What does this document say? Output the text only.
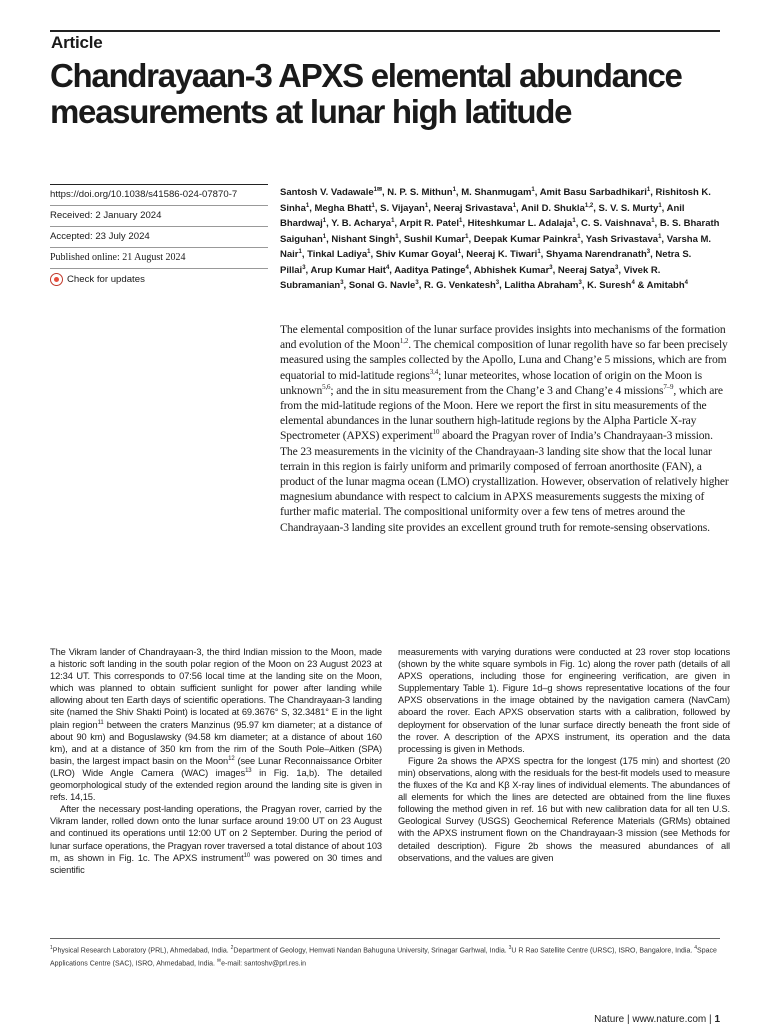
Article
Chandrayaan-3 APXS elemental abundance measurements at lunar high latitude
https://doi.org/10.1038/s41586-024-07870-7
Received: 2 January 2024
Accepted: 23 July 2024
Published online: 21 August 2024
Check for updates

Santosh V. Vadawale$^{1✉}$, N. P. S. Mithun$^1$, M. Shanmugam$^1$, Amit Basu Sarbadhikari$^1$, Rishitosh K. Sinha$^1$, Megha Bhatt$^1$, S. Vijayan$^1$, Neeraj Srivastava$^1$, Anil D. Shukla$^{1,2}$, S. V. S. Murty$^1$, Anil Bhardwaj$^1$, Y. B. Acharya$^1$, Arpit R. Patel$^1$, Hiteshkumar L. Adalaja$^1$, C. S. Vaishnava$^1$, B. S. Bharath Saiguhan$^1$, Nishant Singh$^1$, Sushil Kumar$^1$, Deepak Kumar Painkra$^1$, Yash Srivastava$^1$, Varsha M. Nair$^1$, Tinkal Ladiya$^1$, Shiv Kumar Goyal$^1$, Neeraj K. Tiwari$^1$, Shyama Narendranath$^3$, Netra S. Pillai$^3$, Arup Kumar Hait$^4$, Aaditya Patinge$^4$, Abhishek Kumar$^3$, Neeraj Satya$^3$, Vivek R. Subramanian$^3$, Sonal G. Navle$^3$, R. G. Venkatesh$^3$, Lalitha Abraham$^3$, K. Suresh$^4$ & Amitabh$^4$

The elemental composition of the lunar surface provides insights into mechanisms of the formation and evolution of the Moon$^{1,2}$. The chemical composition of lunar regolith have so far been precisely measured using the samples collected by the Apollo, Luna and Chang’e 5 missions, which are from equatorial to mid-latitude regions$^{3,4}$; lunar meteorites, whose location of origin on the Moon is unknown$^{5,6}$; and the in situ measurement from the Chang’e 3 and Chang’e 4 missions$^{7-9}$, which are from the mid-latitude regions of the Moon. Here we report the first in situ measurements of the elemental abundances in the lunar southern high-latitude regions by the Alpha Particle X-ray Spectrometer (APXS) experiment$^{10}$ aboard the Pragyan rover of India’s Chandrayaan-3 mission. The 23 measurements in the vicinity of the Chandrayaan-3 landing site show that the local lunar terrain in this region is fairly uniform and primarily composed of ferroan anorthosite (FAN), a product of the lunar magma ocean (LMO) crystallization. However, observation of relatively higher magnesium abundance with respect to calcium in APXS measurements suggests the mixing of further mafic material. The compositional uniformity over a few tens of metres around the Chandrayaan-3 landing site provides an excellent ground truth for remote-sensing observations.

The Vikram lander of Chandrayaan-3, the third Indian mission to the Moon, made a historic soft landing in the south polar region of the Moon on 23 August 2023 at 12:34 UT. This corresponds to 07:56 local time at the landing site on the Moon, which was planned to obtain sufficient sunlight for power after landing while allowing about ten Earth days of scientific operations. The Chandrayaan-3 landing site (named the Shiv Shakti Point) is located at 69.3676° S, 32.3481° E in the light plain region$^{11}$ between the craters Manzinus (95.97 km diameter; at a distance of about 90 km) and Boguslawsky (94.58 km diameter; at a distance of about 160 km), and at a distance of 350 km from the rim of the South Pole–Aitken (SPA) basin, the largest impact basin on the Moon$^{12}$ (see Lunar Reconnaissance Orbiter (LRO) Wide Angle Camera (WAC) images$^{13}$ in Fig. 1a,b). The detailed geomorphological study of the extended region around the landing site is given in refs. 14,15.

After the necessary post-landing operations, the Pragyan rover, carried by the Vikram lander, rolled down onto the lunar surface around 19:00 UT on 23 August and continued its operations until 12:00 UT on 2 September. During the period of lunar surface operations, the Pragyan rover traversed a total distance of about 103 m, as shown in Fig. 1c. The APXS instrument$^{10}$ was powered on 30 times and scientific

measurements with varying durations were conducted at 23 rover stop locations (shown by the white square symbols in Fig. 1c) along the rover path (details of all APXS operations, including those for engineering verification, are given in Supplementary Table 1). Figure 1d–g shows representative locations of the four APXS observations in the image obtained by the navigation camera (NavCam) aboard the rover. Each APXS observation starts with a calibration, followed by deployment for observation of the lunar surface directly beneath the front side of the rover. A description of the APXS instrument, its operation and the data processing is given in Methods.

Figure 2a shows the APXS spectra for the longest (175 min) and shortest (20 min) observations, along with the residuals for the best-fit models used to measure the fluxes of the Kα and Kβ X-ray lines of individual elements. The abundances of all elements for which the lines are detected are obtained from the line fluxes following the method given in ref. 16 but with new calibration data for all ten U.S. Geological Survey (USGS) Geochemical Reference Materials (GRMs) obtained with the APXS instrument flown on the Chandrayaan-3 mission (see Methods for detailed description). Figure 2b shows the measured abundances of all observations, and the values are given

$^1$Physical Research Laboratory (PRL), Ahmedabad, India. $^2$Department of Geology, Hemvati Nandan Bahuguna University, Srinagar Garhwal, India. $^3$U R Rao Satellite Centre (URSC), ISRO, Bangalore, India. $^4$Space Applications Centre (SAC), ISRO, Ahmedabad, India. ✉e-mail: santoshv@prl.res.in

Nature | www.nature.com | 1
